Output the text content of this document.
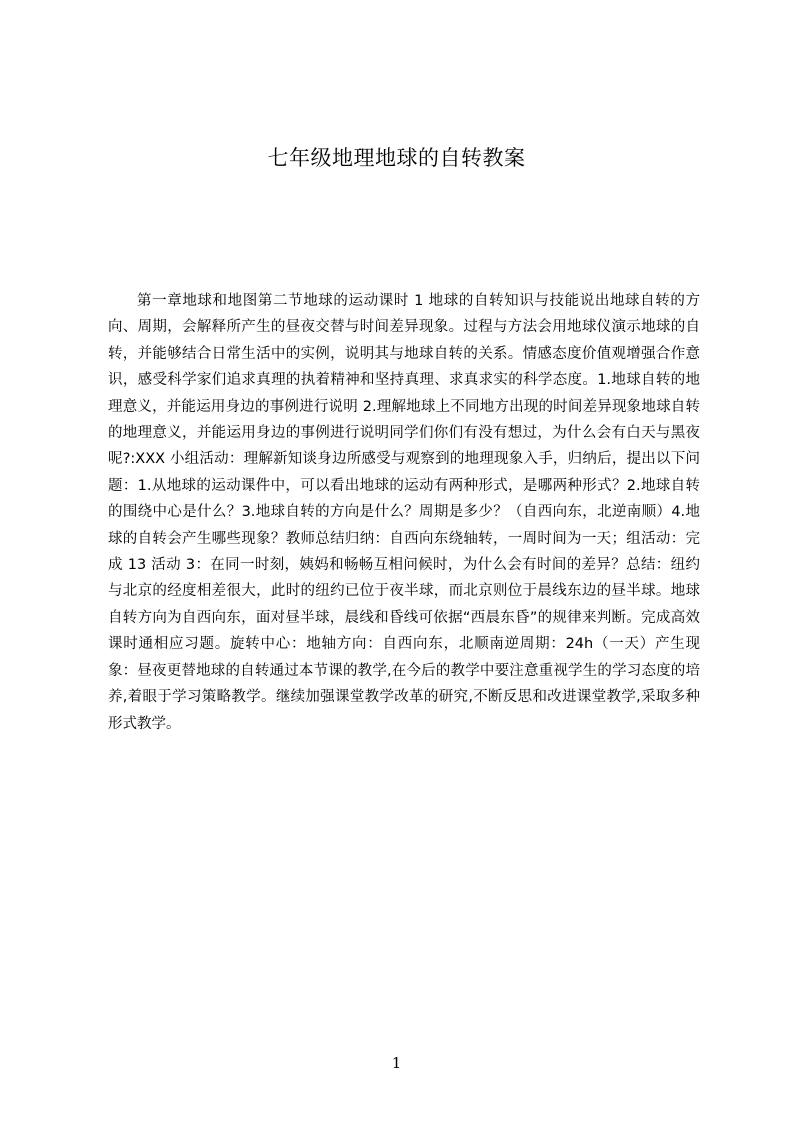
七年级地理地球的自转教案

第一章地球和地图第二节地球的运动课时 1 地球的自转知识与技能说出地球自转的方向、周期，会解释所产生的昼夜交替与时间差异现象。过程与方法会用地球仪演示地球的自转，并能够结合日常生活中的实例，说明其与地球自转的关系。情感态度价值观增强合作意识，感受科学家们追求真理的执着精神和坚持真理、求真求实的科学态度。1.地球自转的地理意义，并能运用身边的事例进行说明 2.理解地球上不同地方出现的时间差异现象地球自转的地理意义，并能运用身边的事例进行说明同学们你们有没有想过，为什么会有白天与黑夜呢?:XXX 小组活动：理解新知谈身边所感受与观察到的地理现象入手，归纳后，提出以下问题：1.从地球的运动课件中，可以看出地球的运动有两种形式，是哪两种形式？2.地球自转的围绕中心是什么？3.地球自转的方向是什么？周期是多少？（自西向东，北逆南顺）4.地球的自转会产生哪些现象？教师总结归纳：自西向东绕轴转，一周时间为一天；组活动：完成 13 活动 3：在同一时刻，姨妈和畅畅互相问候时，为什么会有时间的差异？总结：纽约与北京的经度相差很大，此时的纽约已位于夜半球，而北京则位于晨线东边的昼半球。地球自转方向为自西向东，面对昼半球，晨线和昏线可依据“西晨东昏”的规律来判断。完成高效课时通相应习题。旋转中心：地轴方向：自西向东，北顺南逆周期：24h（一天）产生现象：昼夜更替地球的自转通过本节课的教学,在今后的教学中要注意重视学生的学习态度的培养,着眼于学习策略教学。继续加强课堂教学改革的研究,不断反思和改进课堂教学,采取多种形式教学。

1
